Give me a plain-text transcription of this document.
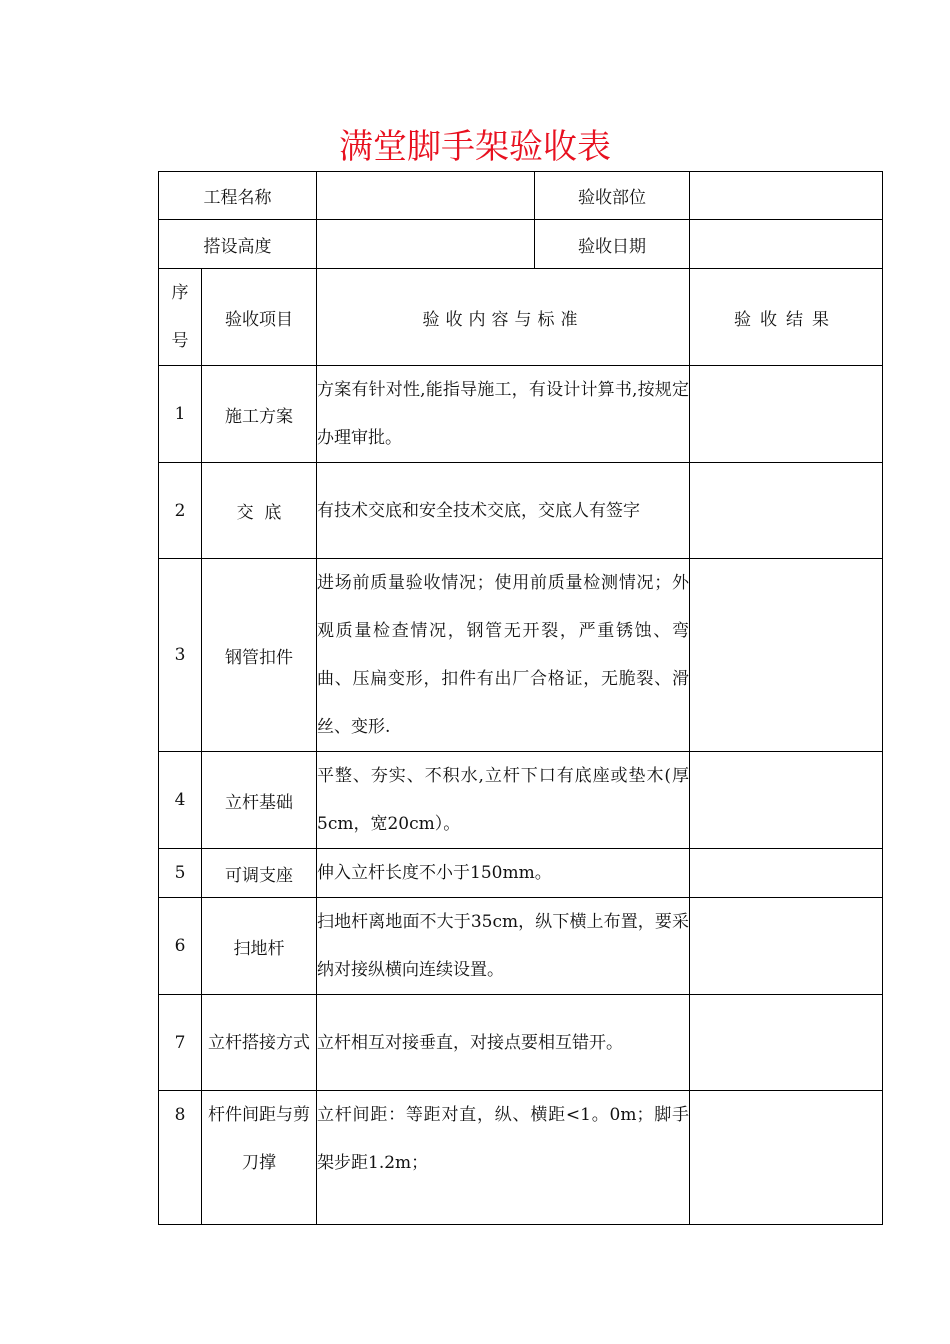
满堂脚手架验收表
工程名称			验收部位	
搭设高度			验收日期	

序号	验收项目	验收内容与标准		验收结果
1	施工方案	方案有针对性,能指导施工，有设计计算书,按规定办理审批。		
2	交  底	有技术交底和安全技术交底，交底人有签字		
3	钢管扣件	进场前质量验收情况；使用前质量检测情况；外观质量检查情况，钢管无开裂，严重锈蚀、弯曲、压扁变形，扣件有出厂合格证，无脆裂、滑丝、变形.		
4	立杆基础	平整、夯实、不积水,立杆下口有底座或垫木(厚5cm，宽20cm）。		
5	可调支座	伸入立杆长度不小于150mm。		
6	扫地杆	扫地杆离地面不大于35cm，纵下横上布置，要采纳对接纵横向连续设置。		
7	立杆搭接方式	立杆相互对接垂直，对接点要相互错开。		
8	杆件间距与剪刀撑	立杆间距：等距对直，纵、横距<1。0m；脚手架步距1.2m；		
